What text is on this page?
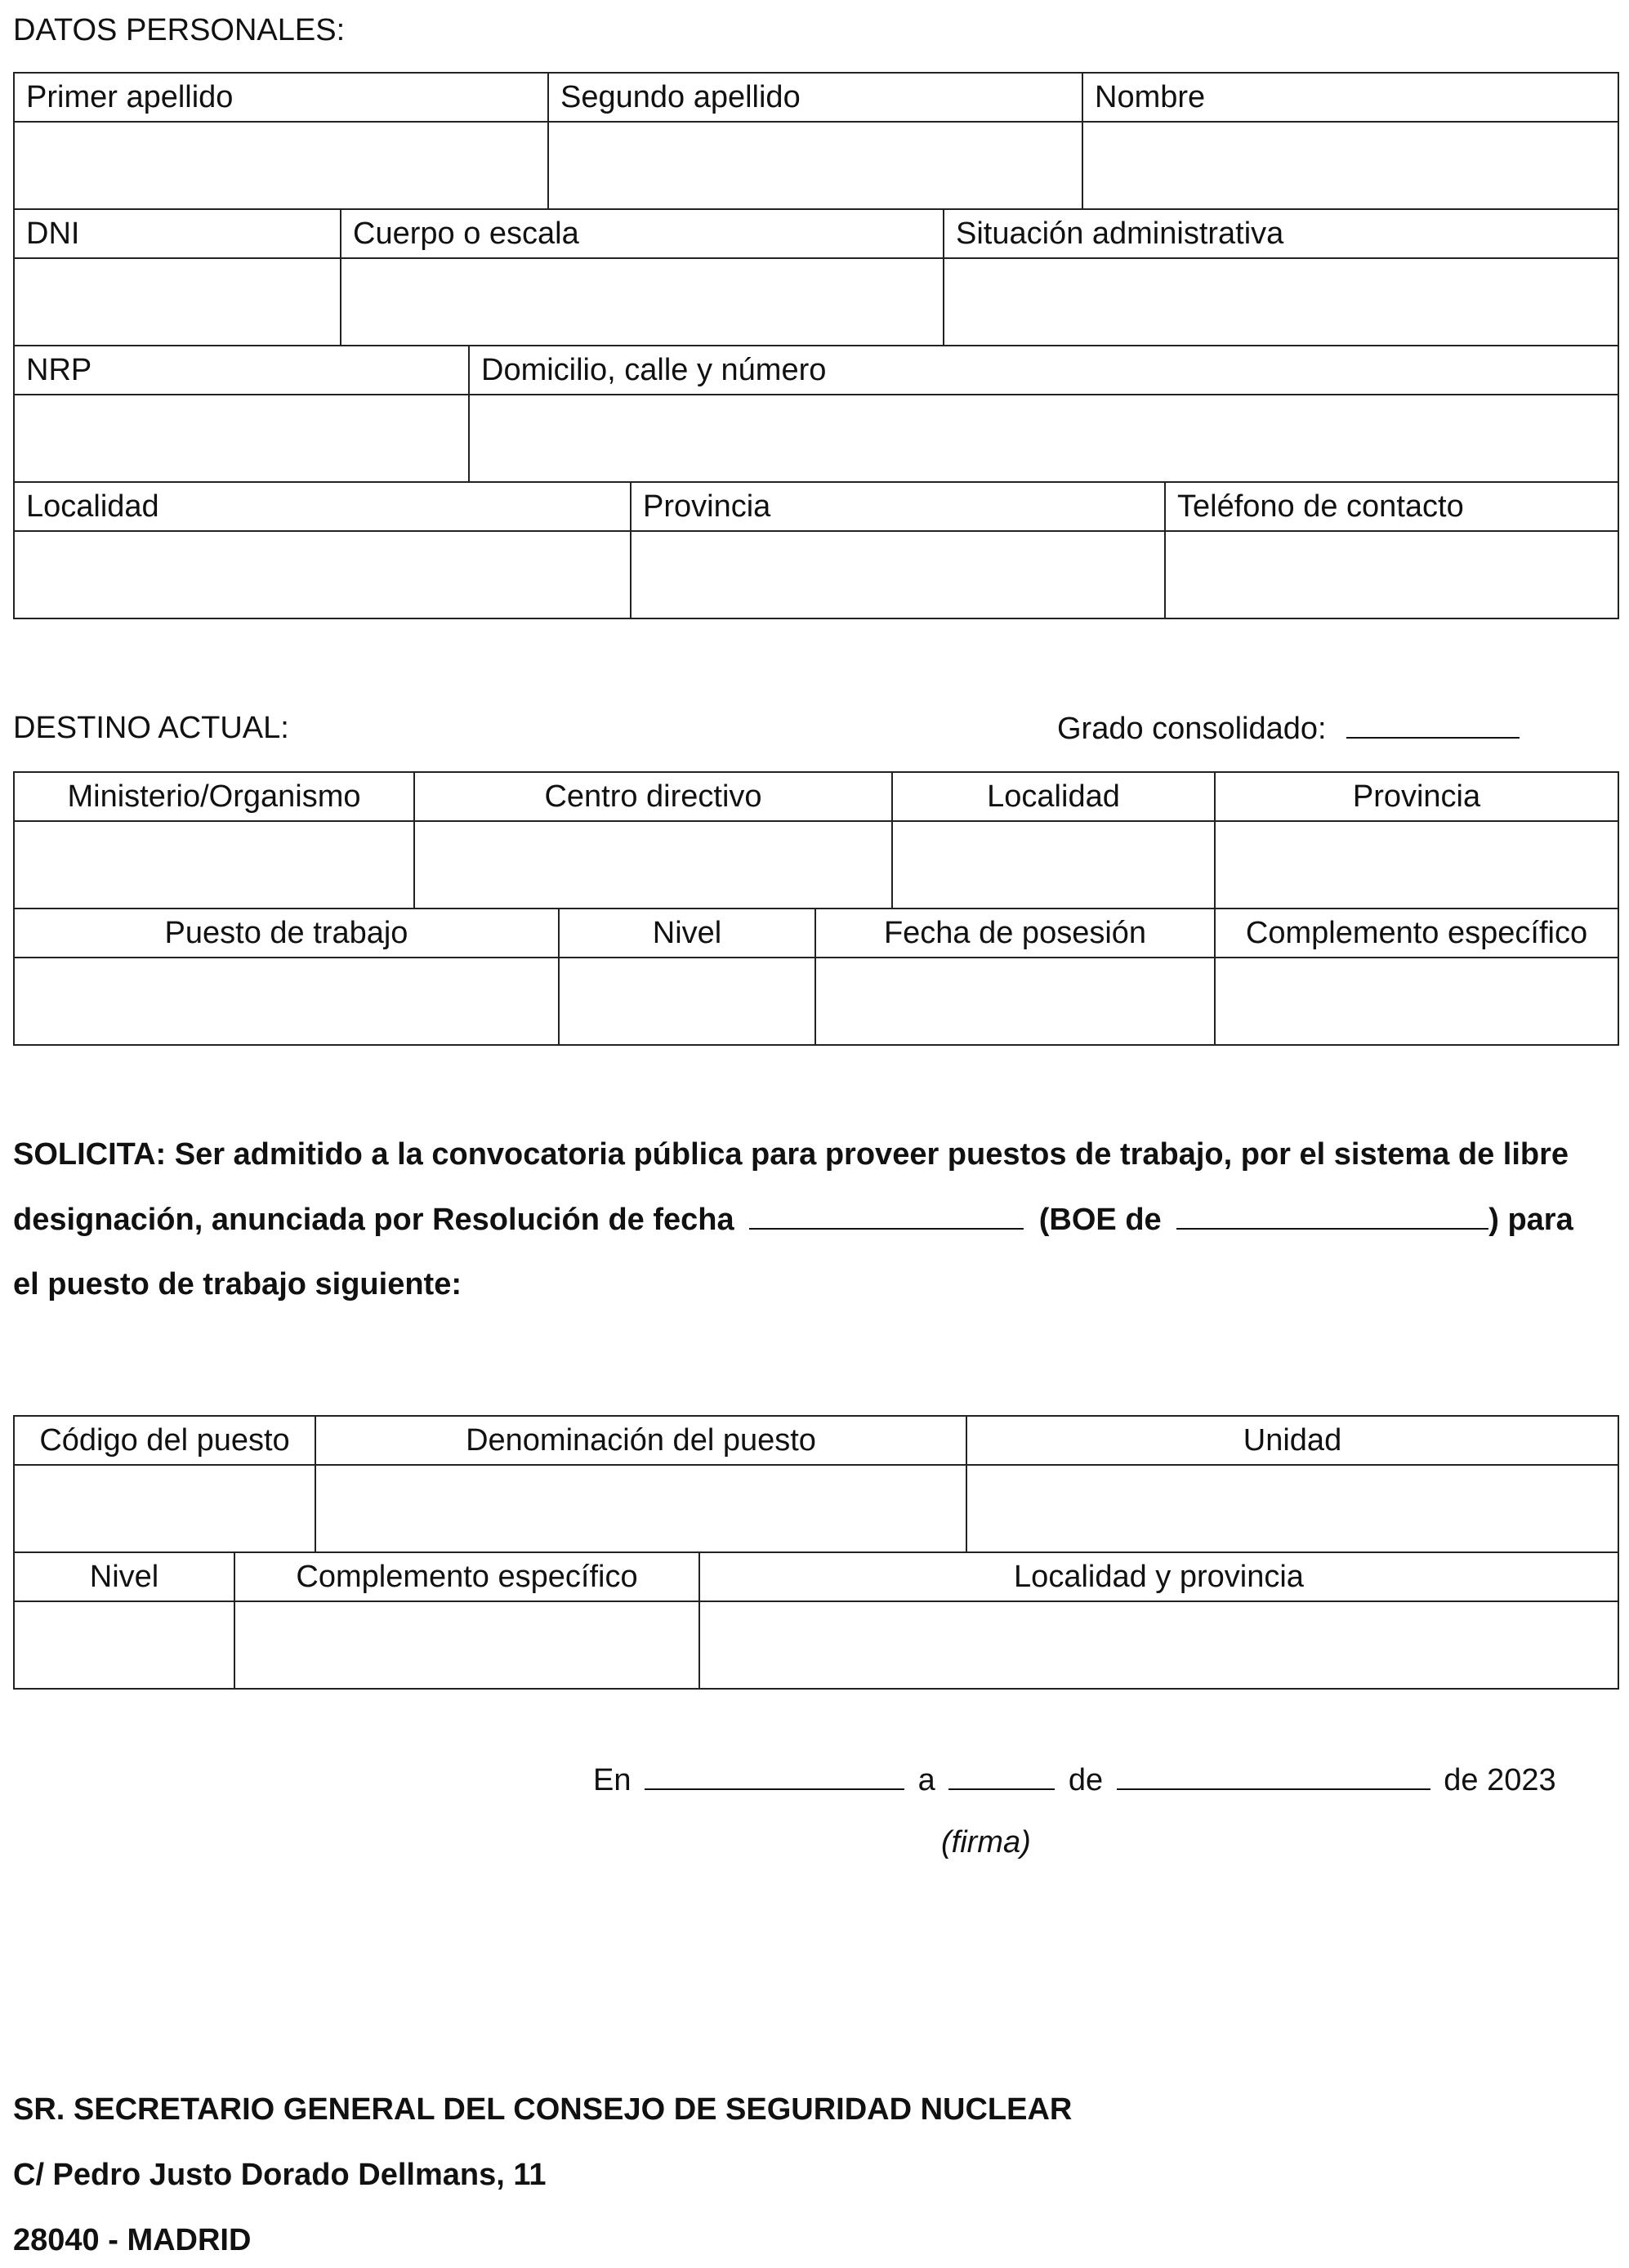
DATOS PERSONALES:
Primer apellido	Segundo apellido	Nombre

DNI	Cuerpo o escala	Situación administrativa

NRP	Domicilio, calle y número

Localidad	Provincia	Teléfono de contacto

DESTINO ACTUAL:	Grado consolidado:
Ministerio/Organismo	Centro directivo	Localidad	Provincia

Puesto de trabajo	Nivel	Fecha de posesión	Complemento específico

SOLICITA: Ser admitido a la convocatoria pública para proveer puestos de trabajo, por el sistema de libre
designación, anunciada por Resolución de fecha	(BOE de	) para
el puesto de trabajo siguiente:
Código del puesto	Denominación del puesto	Unidad

Nivel	Complemento específico	Localidad y provincia

En	a	de	de 2023
(firma)
SR. SECRETARIO GENERAL DEL CONSEJO DE SEGURIDAD NUCLEAR
C/ Pedro Justo Dorado Dellmans, 11
28040 - MADRID
